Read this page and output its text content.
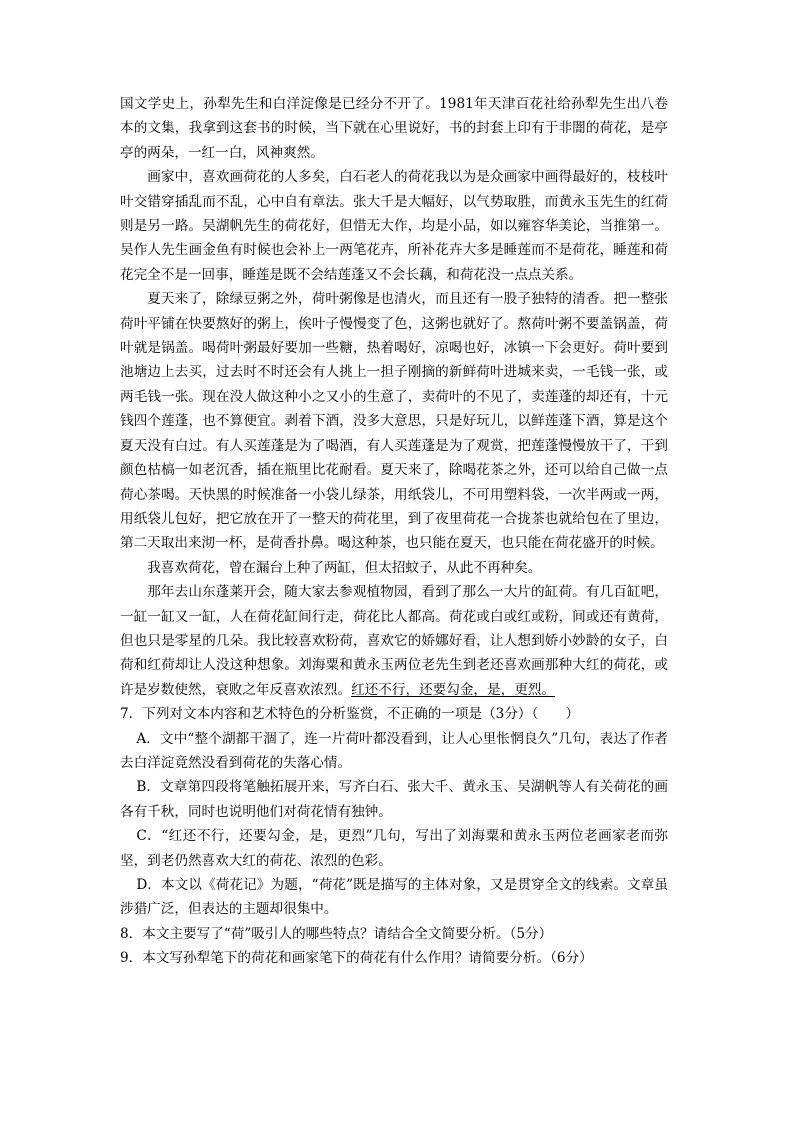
国文学史上，孙犁先生和白洋淀像是已经分不开了。1981年天津百花社给孙犁先生出八卷本的文集，我拿到这套书的时候，当下就在心里说好，书的封套上印有于非闇的荷花，是亭亭的两朵，一红一白，风神爽然。

画家中，喜欢画荷花的人多矣，白石老人的荷花我以为是众画家中画得最好的，枝枝叶叶交错穿插乱而不乱，心中自有章法。张大千是大幅好，以气势取胜，而黄永玉先生的红荷则是另一路。吴湖帆先生的荷花好，但惜无大作，均是小品，如以雍容华美论，当推第一。吴作人先生画金鱼有时候也会补上一两笔花卉，所补花卉大多是睡莲而不是荷花，睡莲和荷花完全不是一回事，睡莲是既不会结莲蓬又不会长藕，和荷花没一点点关系。

夏天来了，除绿豆粥之外，荷叶粥像是也清火，而且还有一股子独特的清香。把一整张荷叶平铺在快要熬好的粥上，俟叶子慢慢变了色，这粥也就好了。熬荷叶粥不要盖锅盖，荷叶就是锅盖。喝荷叶粥最好要加一些糖，热着喝好，凉喝也好，冰镇一下会更好。荷叶要到池塘边上去买，过去时不时还会有人挑上一担子刚摘的新鲜荷叶进城来卖，一毛钱一张，或两毛钱一张。现在没人做这种小之又小的生意了，卖荷叶的不见了，卖莲蓬的却还有，十元钱四个莲蓬，也不算便宜。剥着下酒，没多大意思，只是好玩儿，以鲜莲蓬下酒，算是这个夏天没有白过。有人买莲蓬是为了喝酒，有人买莲蓬是为了观赏，把莲蓬慢慢放干了，干到颜色枯槁一如老沉香，插在瓶里比花耐看。夏天来了，除喝花茶之外，还可以给自己做一点荷心茶喝。天快黑的时候准备一小袋儿绿茶，用纸袋儿，不可用塑料袋，一次半两或一两，用纸袋儿包好，把它放在开了一整天的荷花里，到了夜里荷花一合拢茶也就给包在了里边，第二天取出来沏一杯，是荷香扑鼻。喝这种茶，也只能在夏天，也只能在荷花盛开的时候。

我喜欢荷花，曾在漏台上种了两缸，但太招蚊子，从此不再种矣。

那年去山东蓬莱开会，随大家去参观植物园，看到了那么一大片的缸荷。有几百缸吧，一缸一缸又一缸，人在荷花缸间行走，荷花比人都高。荷花或白或红或粉，间或还有黄荷，但也只是零星的几朵。我比较喜欢粉荷，喜欢它的娇娜好看，让人想到娇小妙龄的女子，白荷和红荷却让人没这种想象。刘海粟和黄永玉两位老先生到老还喜欢画那种大红的荷花，或许是岁数使然，衰败之年反喜欢浓烈。红还不行，还要勾金，是，更烈。

7．下列对文本内容和艺术特色的分析鉴赏，不正确的一项是（3分）（　　）

A．文中“整个湖都干涸了，连一片荷叶都没看到，让人心里怅惘良久”几句，表达了作者去白洋淀竟然没看到荷花的失落心情。

B．文章第四段将笔触拓展开来，写齐白石、张大千、黄永玉、吴湖帆等人有关荷花的画各有千秋，同时也说明他们对荷花情有独钟。

C．“红还不行，还要勾金，是，更烈”几句，写出了刘海粟和黄永玉两位老画家老而弥坚，到老仍然喜欢大红的荷花、浓烈的色彩。

D．本文以《荷花记》为题，“荷花”既是描写的主体对象，又是贯穿全文的线索。文章虽涉猎广泛，但表达的主题却很集中。

8．本文主要写了“荷”吸引人的哪些特点？请结合全文简要分析。（5分）

9．本文写孙犁笔下的荷花和画家笔下的荷花有什么作用？请简要分析。（6分）
